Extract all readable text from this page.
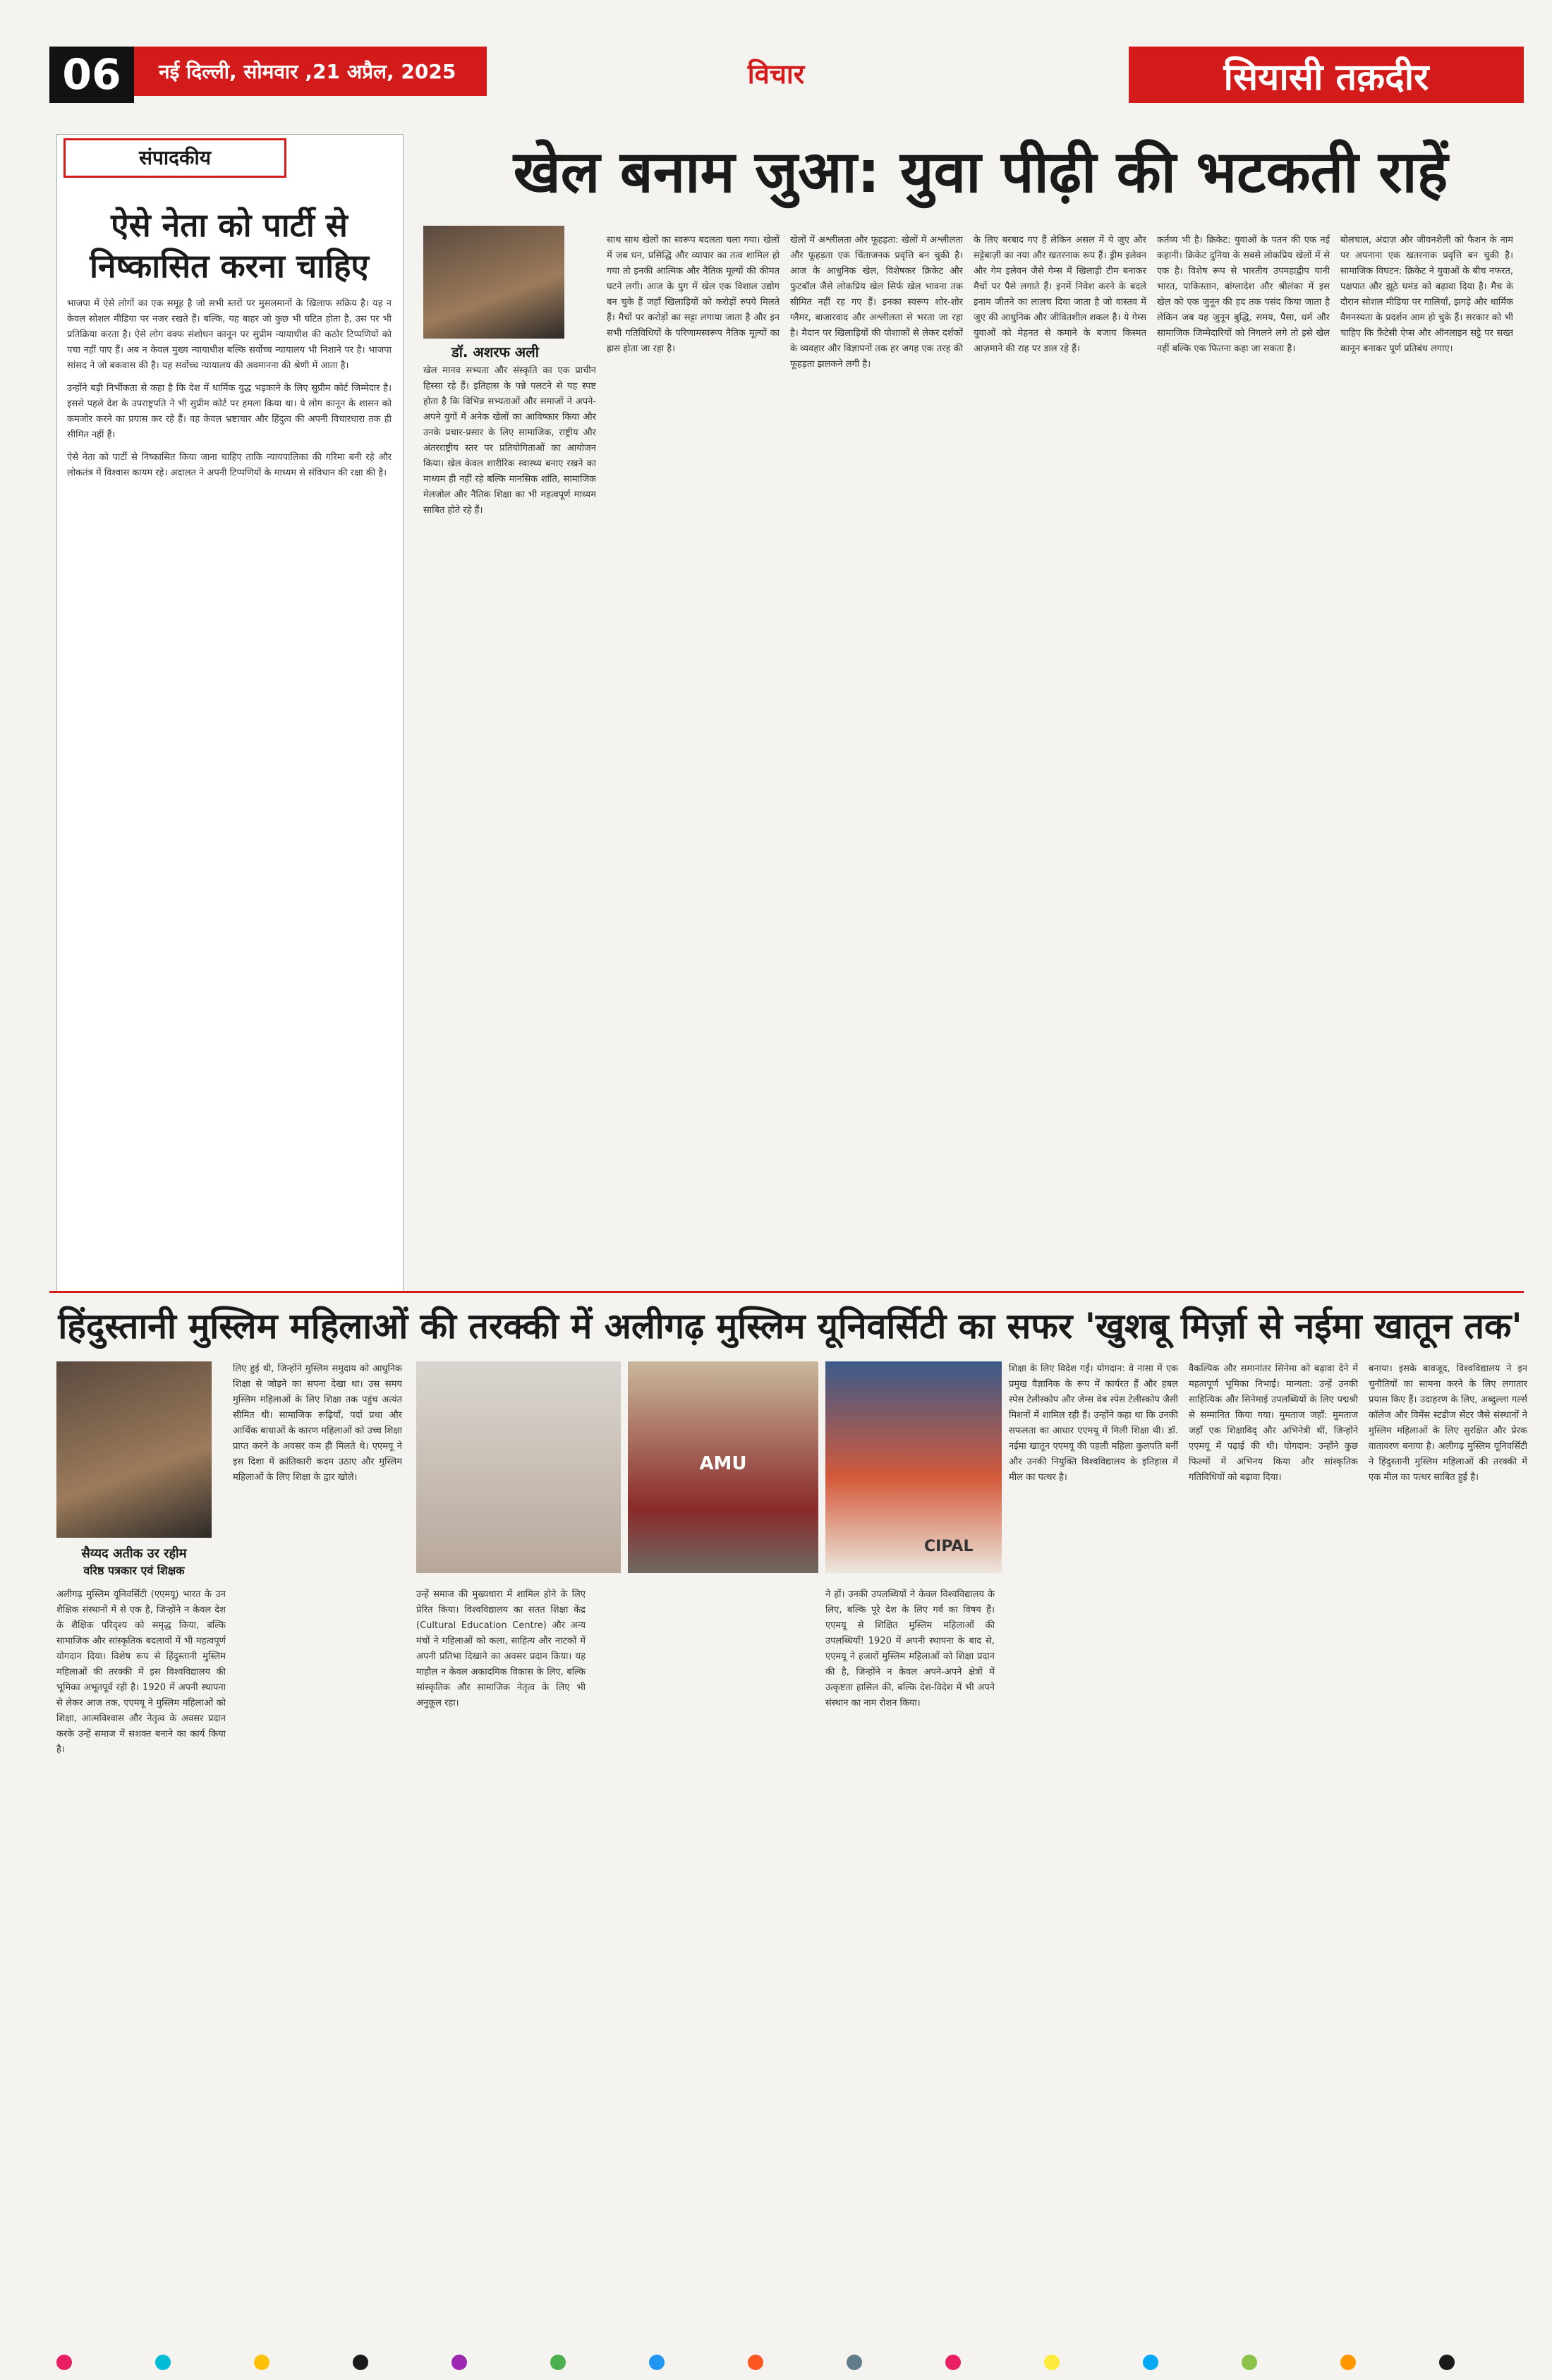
06	नई दिल्ली, सोमवार ,21 अप्रैल, 2025	विचार	सियासी तक़दीर
संपादकीय
ऐसे नेता को पार्टी से निष्कासित करना चाहिए

भाजपा में ऐसे लोगों का एक समूह है जो सभी स्तरों पर मुसलमानों के खिलाफ सक्रिय है। यह न केवल सोशल मीडिया पर नजर रखते हैं। बल्कि, यह बाहर जो कुछ भी घटित होता है, उस पर भी प्रतिक्रिया करता है। ऐसे लोग वक्फ संशोधन कानून पर सुप्रीम न्यायाधीश की कठोर टिप्पणियों को पचा नहीं पाए हैं। अब न केवल मुख्य न्यायाधीश बल्कि सर्वोच्च न्यायालय भी निशाने पर है। भाजपा सांसद ने जो बकवास की है। यह सर्वोच्च न्यायालय की अवमानना की श्रेणी में आता है।

उन्होंने बड़ी निर्भीकता से कहा है कि देश में धार्मिक युद्ध भड़काने के लिए सुप्रीम कोर्ट जिम्मेदार है। इससे पहले देश के उपराष्ट्रपति ने भी सुप्रीम कोर्ट पर हमला किया था। ये लोग कानून के शासन को कमजोर करने का प्रयास कर रहे हैं। वह केवल भ्रष्टाचार और हिंदुत्व की अपनी विचारधारा तक ही सीमित नहीं हैं।

ऐसे नेता को पार्टी से निष्कासित किया जाना चाहिए ताकि न्यायपालिका की गरिमा बनी रहे और लोकतंत्र में विश्वास कायम रहे। अदालत ने अपनी टिप्पणियों के माध्यम से संविधान की रक्षा की है।

खेल बनाम जुआ: युवा पीढ़ी की भटकती राहें
डॉ. अशरफ अली

खेल मानव सभ्यता और संस्कृति का एक प्राचीन हिस्सा रहे हैं। इतिहास के पन्ने पलटने से यह स्पष्ट होता है कि विभिन्न सभ्यताओं और समाजों ने अपने-अपने युगों में अनेक खेलों का आविष्कार किया और उनके प्रचार-प्रसार के लिए सामाजिक, राष्ट्रीय और अंतरराष्ट्रीय स्तर पर प्रतियोगिताओं का आयोजन किया। खेल केवल शारीरिक स्वास्थ्य बनाए रखने का माध्यम ही नहीं रहे बल्कि मानसिक शांति, सामाजिक मेलजोल और नैतिक शिक्षा का भी महत्वपूर्ण माध्यम साबित होते रहे हैं।

साथ साथ खेलों का स्वरूप बदलता चला गया। खेलों में जब धन, प्रसिद्धि और व्यापार का तत्व शामिल हो गया तो इनकी आत्मिक और नैतिक मूल्यों की कीमत घटने लगी। आज के युग में खेल एक विशाल उद्योग बन चुके हैं जहाँ खिलाड़ियों को करोड़ों रुपये मिलते हैं। मैचों पर करोड़ों का सट्टा लगाया जाता है और इन सभी गतिविधियों के परिणामस्वरूप नैतिक मूल्यों का ह्रास होता जा रहा है।

खेलों में अश्लीलता और फूहड़ता: खेलों में अश्लीलता और फूहड़ता एक चिंताजनक प्रवृत्ति बन चुकी है। आज के आधुनिक खेल, विशेषकर क्रिकेट और फुटबॉल जैसे लोकप्रिय खेल सिर्फ खेल भावना तक सीमित नहीं रह गए हैं। इनका स्वरूप शोर-शोर ग्लैमर, बाजारवाद और अश्लीलता से भरता जा रहा है। मैदान पर खिलाड़ियों की पोशाकों से लेकर दर्शकों के व्यवहार और विज्ञापनों तक हर जगह एक तरह की फूहड़ता झलकने लगी है।

के लिए बरबाद गए हैं लेकिन असल में ये जुए और सट्टेबाज़ी का नया और खतरनाक रूप हैं। ड्रीम इलेवन और गेम इलेवन जैसे गेम्स में खिलाड़ी टीम बनाकर मैचों पर पैसे लगाते हैं। इनमें निवेश करने के बदले इनाम जीतने का लालच दिया जाता है जो वास्तव में जुए की आधुनिक और जीवितशील शकल है। ये गेम्स युवाओं को मेहनत से कमाने के बजाय किस्मत आज़माने की राह पर डाल रहे हैं।

कर्तव्य भी है। क्रिकेट: युवाओं के पतन की एक नई कहानी। क्रिकेट दुनिया के सबसे लोकप्रिय खेलों में से एक है। विशेष रूप से भारतीय उपमहाद्वीप यानी भारत, पाकिस्तान, बांग्लादेश और श्रीलंका में इस खेल को एक जुनून की हद तक पसंद किया जाता है लेकिन जब यह जुनून बुद्धि, समय, पैसा, धर्म और सामाजिक जिम्मेदारियों को निगलने लगे तो इसे खेल नहीं बल्कि एक फितना कहा जा सकता है।

बोलचाल, अंदाज़ और जीवनशैली को फैशन के नाम पर अपनाना एक खतरनाक प्रवृत्ति बन चुकी है। सामाजिक विघटन: क्रिकेट ने युवाओं के बीच नफरत, पक्षपात और झूठे घमंड को बढ़ावा दिया है। मैच के दौरान सोशल मीडिया पर गालियाँ, झगड़े और धार्मिक वैमनस्यता के प्रदर्शन आम हो चुके हैं। सरकार को भी चाहिए कि फ़ैंटेसी ऐप्स और ऑनलाइन सट्टे पर सख्त कानून बनाकर पूर्ण प्रतिबंध लगाए।

हिंदुस्तानी मुस्लिम महिलाओं की तरक्की में अलीगढ़ मुस्लिम यूनिवर्सिटी का सफर 'खुशबू मिर्ज़ा से नईमा खातून तक'
सैय्यद अतीक उर रहीम
वरिष्ठ पत्रकार एवं शिक्षक
AMU
CIPAL

अलीगढ़ मुस्लिम यूनिवर्सिटी (एएमयू) भारत के उन शैक्षिक संस्थानों में से एक है, जिन्होंने न केवल देश के शैक्षिक परिदृश्य को समृद्ध किया, बल्कि सामाजिक और सांस्कृतिक बदलावों में भी महत्वपूर्ण योगदान दिया। विशेष रूप से हिंदुस्तानी मुस्लिम महिलाओं की तरक्की में इस विश्वविद्यालय की भूमिका अभूतपूर्व रही है। 1920 में अपनी स्थापना से लेकर आज तक, एएमयू ने मुस्लिम महिलाओं को शिक्षा, आत्मविश्वास और नेतृत्व के अवसर प्रदान करके उन्हें समाज में सशक्त बनाने का कार्य किया है।

लिए हुई थी, जिन्होंने मुस्लिम समुदाय को आधुनिक शिक्षा से जोड़ने का सपना देखा था। उस समय मुस्लिम महिलाओं के लिए शिक्षा तक पहुंच अत्यंत सीमित थी। सामाजिक रूढ़ियाँ, पर्दा प्रथा और आर्थिक बाधाओं के कारण महिलाओं को उच्च शिक्षा प्राप्त करने के अवसर कम ही मिलते थे। एएमयू ने इस दिशा में क्रांतिकारी कदम उठाए और मुस्लिम महिलाओं के लिए शिक्षा के द्वार खोले।

उन्हें समाज की मुख्यधारा में शामिल होने के लिए प्रेरित किया। विश्वविद्यालय का सतत शिक्षा केंद्र (Cultural Education Centre) और अन्य मंचों ने महिलाओं को कला, साहित्य और नाटकों में अपनी प्रतिभा दिखाने का अवसर प्रदान किया। यह माहौल न केवल अकादमिक विकास के लिए, बल्कि सांस्कृतिक और सामाजिक नेतृत्व के लिए भी अनुकूल रहा।

ने हों। उनकी उपलब्धियों ने केवल विश्वविद्यालय के लिए, बल्कि पूरे देश के लिए गर्व का विषय हैं। एएमयू से शिक्षित मुस्लिम महिलाओं की उपलब्धियाँ! 1920 में अपनी स्थापना के बाद से, एएमयू ने हजारों मुस्लिम महिलाओं को शिक्षा प्रदान की है, जिन्होंने न केवल अपने-अपने क्षेत्रों में उत्कृष्टता हासिल की, बल्कि देश-विदेश में भी अपने संस्थान का नाम रोशन किया।

शिक्षा के लिए विदेश गईं। योगदान: वे नासा में एक प्रमुख वैज्ञानिक के रूप में कार्यरत हैं और हबल स्पेस टेलीस्कोप और जेम्स वेब स्पेस टेलीस्कोप जैसी मिशनों में शामिल रही हैं। उन्होंने कहा था कि उनकी सफलता का आधार एएमयू में मिली शिक्षा थी। डॉ. नईमा खातून एएमयू की पहली महिला कुलपति बनीं और उनकी नियुक्ति विश्वविद्यालय के इतिहास में मील का पत्थर है।

वैकल्पिक और समानांतर सिनेमा को बढ़ावा देने में महत्वपूर्ण भूमिका निभाई। मान्यता: उन्हें उनकी साहित्यिक और सिनेमाई उपलब्धियों के लिए पद्मश्री से सम्मानित किया गया। मुमताज जहाँ: मुमताज जहाँ एक शिक्षाविद् और अभिनेत्री थीं, जिन्होंने एएमयू में पढ़ाई की थी। योगदान: उन्होंने कुछ फिल्मों में अभिनय किया और सांस्कृतिक गतिविधियों को बढ़ावा दिया।

बनाया। इसके बावजूद, विश्वविद्यालय ने इन चुनौतियों का सामना करने के लिए लगातार प्रयास किए हैं। उदाहरण के लिए, अब्दुल्ला गर्ल्स कॉलेज और विमेंस स्टडीज सेंटर जैसे संस्थानों ने मुस्लिम महिलाओं के लिए सुरक्षित और प्रेरक वातावरण बनाया है। अलीगढ़ मुस्लिम यूनिवर्सिटी ने हिंदुस्तानी मुस्लिम महिलाओं की तरक्की में एक मील का पत्थर साबित हुई है।
